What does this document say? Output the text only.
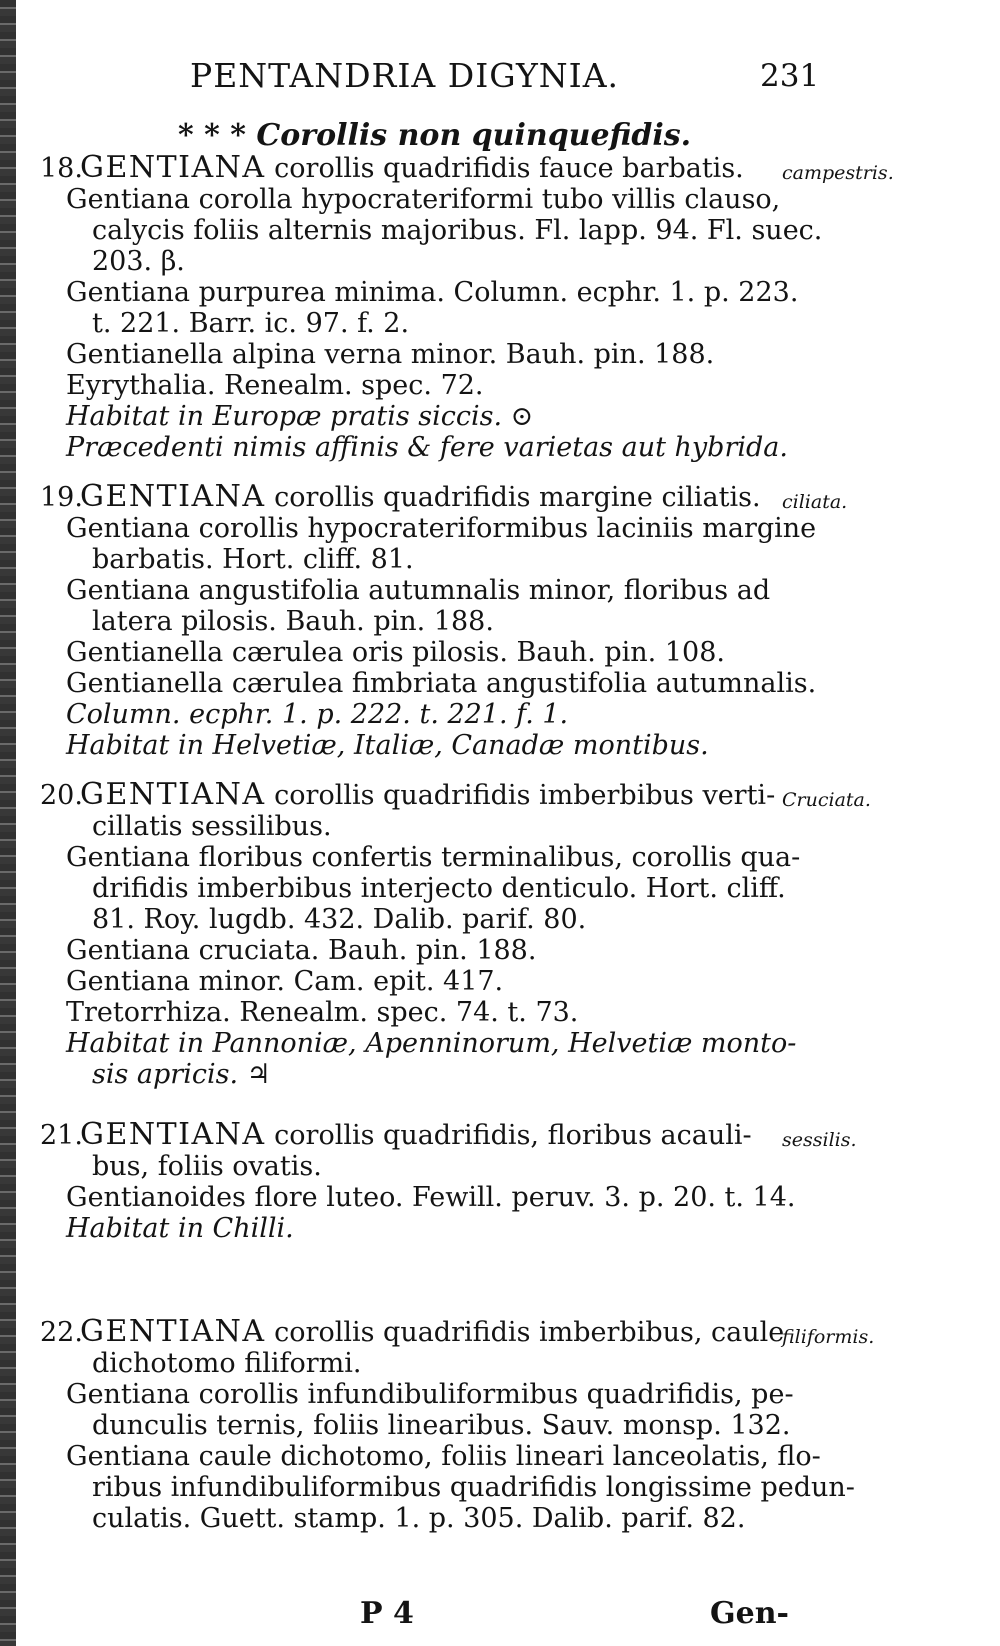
PENTANDRIA DIGYNIA.	231
* * * Corollis non quinquefidis.
18.GENTIANA corollis quadrifidis fauce barbatis.
Gentiana corolla hypocrateriformi tubo villis clauso,
calycis foliis alternis majoribus. Fl. lapp. 94. Fl. suec.
203. β.
Gentiana purpurea minima. Column. ecphr. 1. p. 223.
t. 221. Barr. ic. 97. f. 2.
Gentianella alpina verna minor. Bauh. pin. 188.
Eyrythalia. Renealm. spec. 72.
Habitat in Europæ pratis siccis. ⊙
Præcedenti nimis affinis & fere varietas aut hybrida.
campestris.
19.GENTIANA corollis quadrifidis margine ciliatis.
Gentiana corollis hypocrateriformibus laciniis margine
barbatis. Hort. cliff. 81.
Gentiana angustifolia autumnalis minor, floribus ad
latera pilosis. Bauh. pin. 188.
Gentianella cærulea oris pilosis. Bauh. pin. 108.
Gentianella cærulea fimbriata angustifolia autumnalis.
Column. ecphr. 1. p. 222. t. 221. f. 1.
Habitat in Helvetiæ, Italiæ, Canadæ montibus.
ciliata.
20.GENTIANA corollis quadrifidis imberbibus verti-
cillatis sessilibus.
Gentiana floribus confertis terminalibus, corollis qua-
drifidis imberbibus interjecto denticulo. Hort. cliff.
81. Roy. lugdb. 432. Dalib. parif. 80.
Gentiana cruciata. Bauh. pin. 188.
Gentiana minor. Cam. epit. 417.
Tretorrhiza. Renealm. spec. 74. t. 73.
Habitat in Pannoniæ, Apenninorum, Helvetiæ monto-
sis apricis. ♃
Cruciata.
21.GENTIANA corollis quadrifidis, floribus acauli-
bus, foliis ovatis.
Gentianoides flore luteo. Fewill. peruv. 3. p. 20. t. 14.
Habitat in Chilli.
sessilis.
22.GENTIANA corollis quadrifidis imberbibus, caule
dichotomo filiformi.
Gentiana corollis infundibuliformibus quadrifidis, pe-
dunculis ternis, foliis linearibus. Sauv. monsp. 132.
Gentiana caule dichotomo, foliis lineari lanceolatis, flo-
ribus infundibuliformibus quadrifidis longissime pedun-
culatis. Guett. stamp. 1. p. 305. Dalib. parif. 82.
filiformis.
P 4	Gen-
